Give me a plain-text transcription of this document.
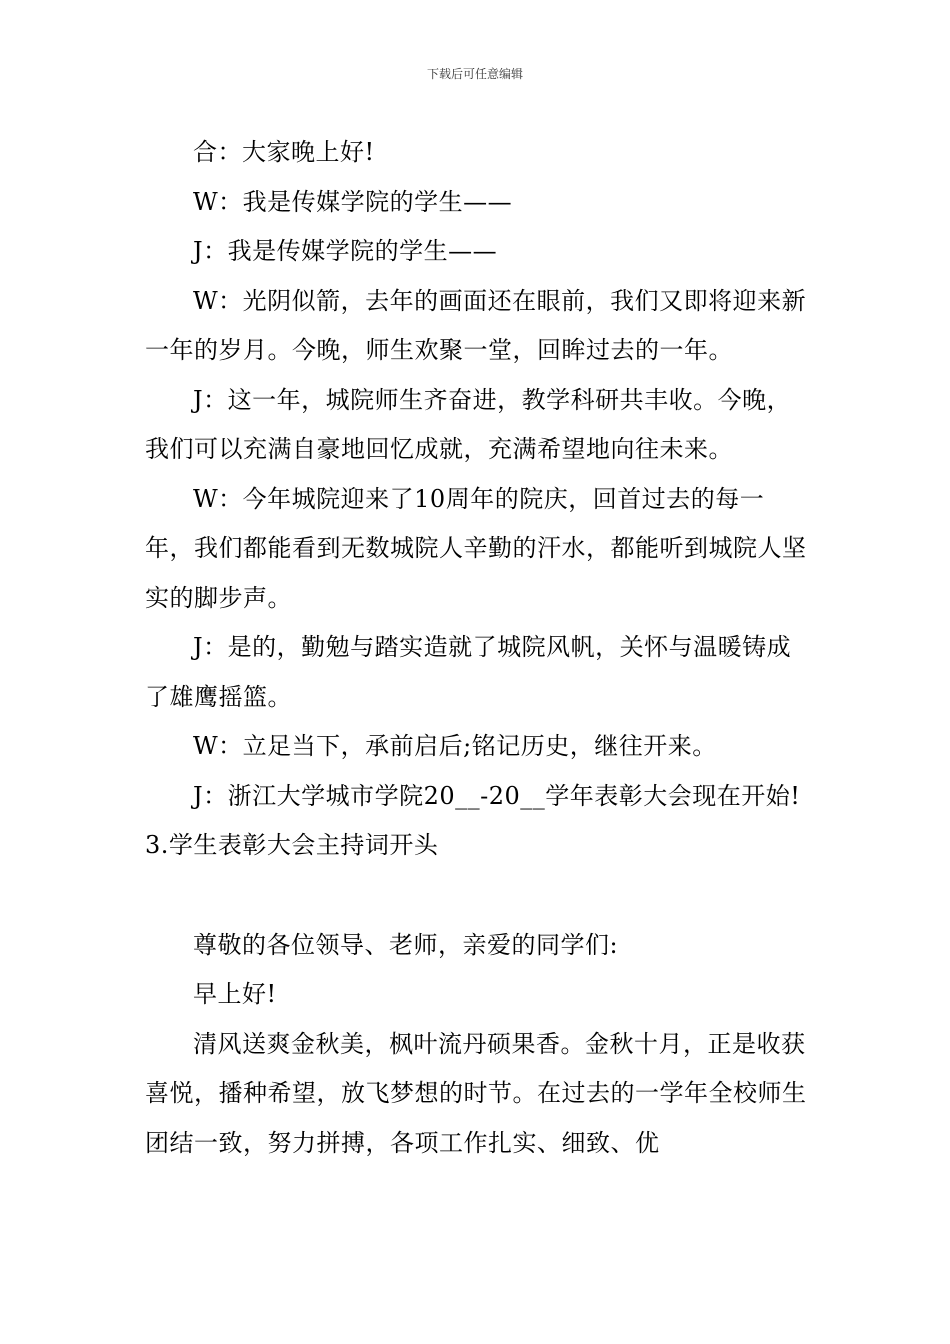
下载后可任意编辑

合：大家晚上好!

W：我是传媒学院的学生——

J：我是传媒学院的学生——

W：光阴似箭，去年的画面还在眼前，我们又即将迎来新一年的岁月。今晚，师生欢聚一堂，回眸过去的一年。

J：这一年，城院师生齐奋进，教学科研共丰收。今晚，我们可以充满自豪地回忆成就，充满希望地向往未来。

W：今年城院迎来了10周年的院庆，回首过去的每一年，我们都能看到无数城院人辛勤的汗水，都能听到城院人坚实的脚步声。

J：是的，勤勉与踏实造就了城院风帆，关怀与温暖铸成了雄鹰摇篮。

W：立足当下，承前启后;铭记历史，继往开来。

J：浙江大学城市学院20__-20__学年表彰大会现在开始!

3.学生表彰大会主持词开头

尊敬的各位领导、老师，亲爱的同学们:

早上好!

清风送爽金秋美，枫叶流丹硕果香。金秋十月，正是收获喜悦，播种希望，放飞梦想的时节。在过去的一学年全校师生团结一致，努力拼搏，各项工作扎实、细致、优
